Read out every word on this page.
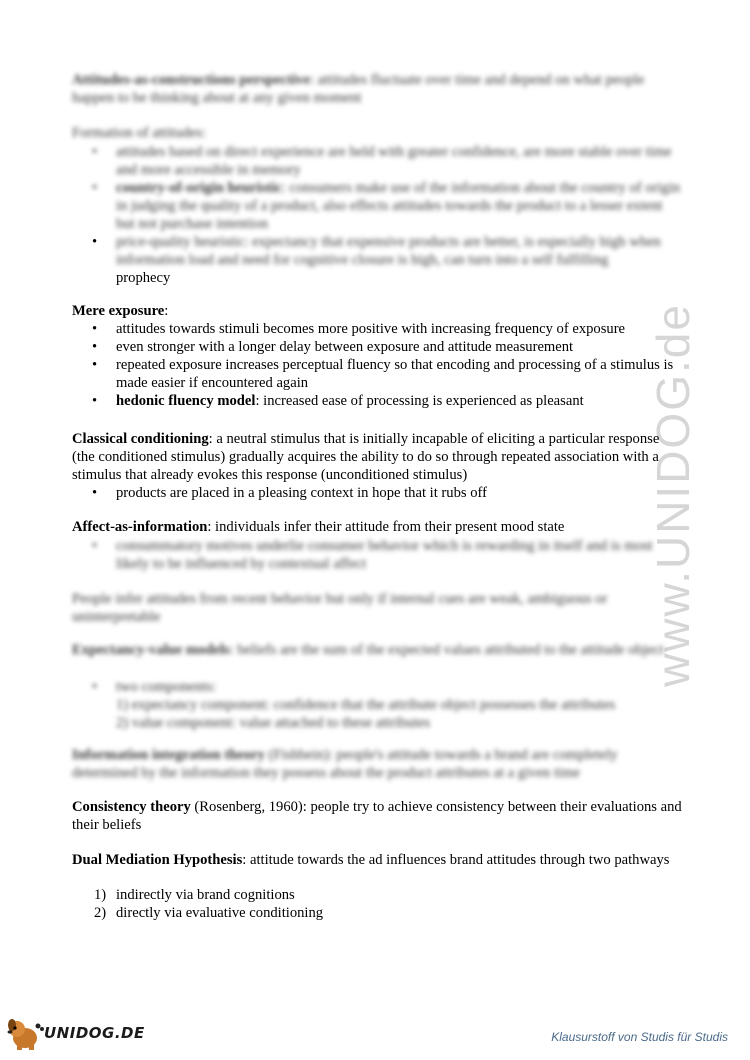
www.UNIDOG.de
Attitudes-as-constructions perspective: attitudes fluctuate over time and depend on what people happen to be thinking about at any given moment
Formation of attitudes:
• attitudes based on direct experience are held with greater confidence, are more stable over time and more accessible in memory
• country-of-origin heuristic: consumers make use of the information about the country of origin in judging the quality of a product, also effects attitudes towards the product to a lesser extent but not purchase intention
• price-quality heuristic: expectancy that expensive products are better, is especially high when information load and need for cognitive closure is high, can turn into a self fulfilling
prophecy
Mere exposure:
• attitudes towards stimuli becomes more positive with increasing frequency of exposure
• even stronger with a longer delay between exposure and attitude measurement
• repeated exposure increases perceptual fluency so that encoding and processing of a stimulus is made easier if encountered again
• hedonic fluency model: increased ease of processing is experienced as pleasant
Classical conditioning: a neutral stimulus that is initially incapable of eliciting a particular response (the conditioned stimulus) gradually acquires the ability to do so through repeated association with a stimulus that already evokes this response (unconditioned stimulus)
• products are placed in a pleasing context in hope that it rubs off
Affect-as-information: individuals infer their attitude from their present mood state
• consummatory motives underlie consumer behavior which is rewarding in itself and is most likely to be influenced by contextual affect
People infer attitudes from recent behavior but only if internal cues are weak, ambiguous or uninterpretable
Expectancy-value models: beliefs are the sum of the expected values attributed to the attitude object
• two components:
1) expectancy component: confidence that the attribute object possesses the attributes
2) value component: value attached to these attributes
Information integration theory (Fishbein): people's attitude towards a brand are completely determined by the information they possess about the product attributes at a given time
Consistency theory (Rosenberg, 1960): people try to achieve consistency between their evaluations and their beliefs
Dual Mediation Hypothesis: attitude towards the ad influences brand attitudes through two pathways
1) indirectly via brand cognitions
2) directly via evaluative conditioning
UNIDOG.DE	Klausurstoff von Studis für Studis
